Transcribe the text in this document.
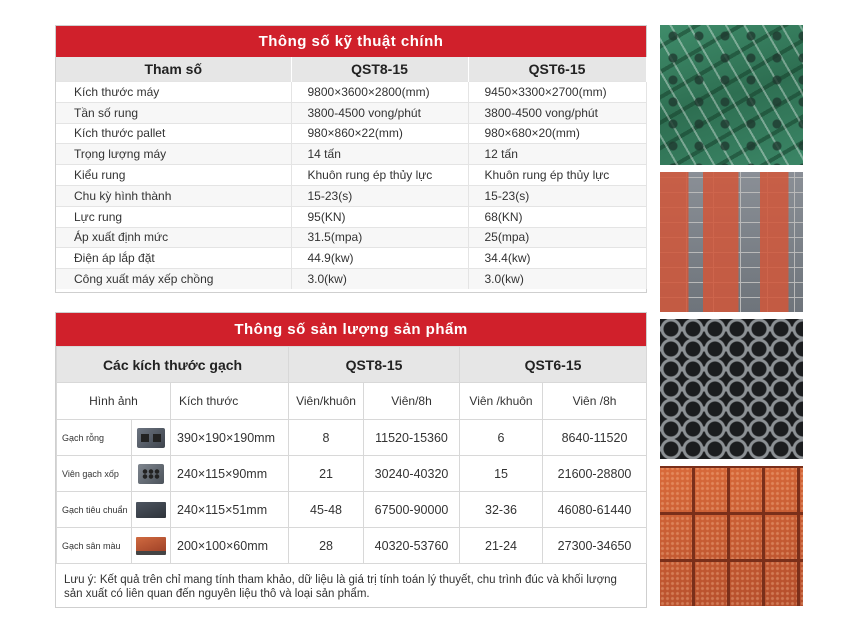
Thông số kỹ thuật chính
Tham số	QST8-15	QST6-15
Kích thước máy	9800×3600×2800(mm)	9450×3300×2700(mm)
Tần số rung	3800-4500 vong/phút	3800-4500 vong/phút
Kích thước pallet	980×860×22(mm)	980×680×20(mm)
Trọng lượng máy	14 tấn	12 tấn
Kiểu rung	Khuôn rung ép thủy lực	Khuôn rung ép thủy lực
Chu kỳ hình thành	15-23(s)	15-23(s)
Lực rung	95(KN)	68(KN)
Áp xuất định mức	31.5(mpa)	25(mpa)
Điện áp lắp đặt	44.9(kw)	34.4(kw)
Công xuất máy xếp chồng	3.0(kw)	3.0(kw)
Thông số sản lượng sản phẩm
Các kích thước gạch			QST8-15		QST6-15	
Hình ảnh		Kích thước	Viên/khuôn	Viên/8h	Viên /khuôn	Viên /8h
Gạch rỗng		390×190×190mm	8	11520-15360	6	8640-11520
Viên gạch xốp		240×115×90mm	21	30240-40320	15	21600-28800
Gạch tiêu chuẩn		240×115×51mm	45-48	67500-90000	32-36	46080-61440
Gạch sân màu		200×100×60mm	28	40320-53760	21-24	27300-34650
Lưu ý: Kết quả trên chỉ mang tính tham khảo, dữ liệu là giá trị tính toán lý thuyết, chu trình đúc và khối lượng sản xuất có liên quan đến nguyên liệu thô và loại sản phẩm.
